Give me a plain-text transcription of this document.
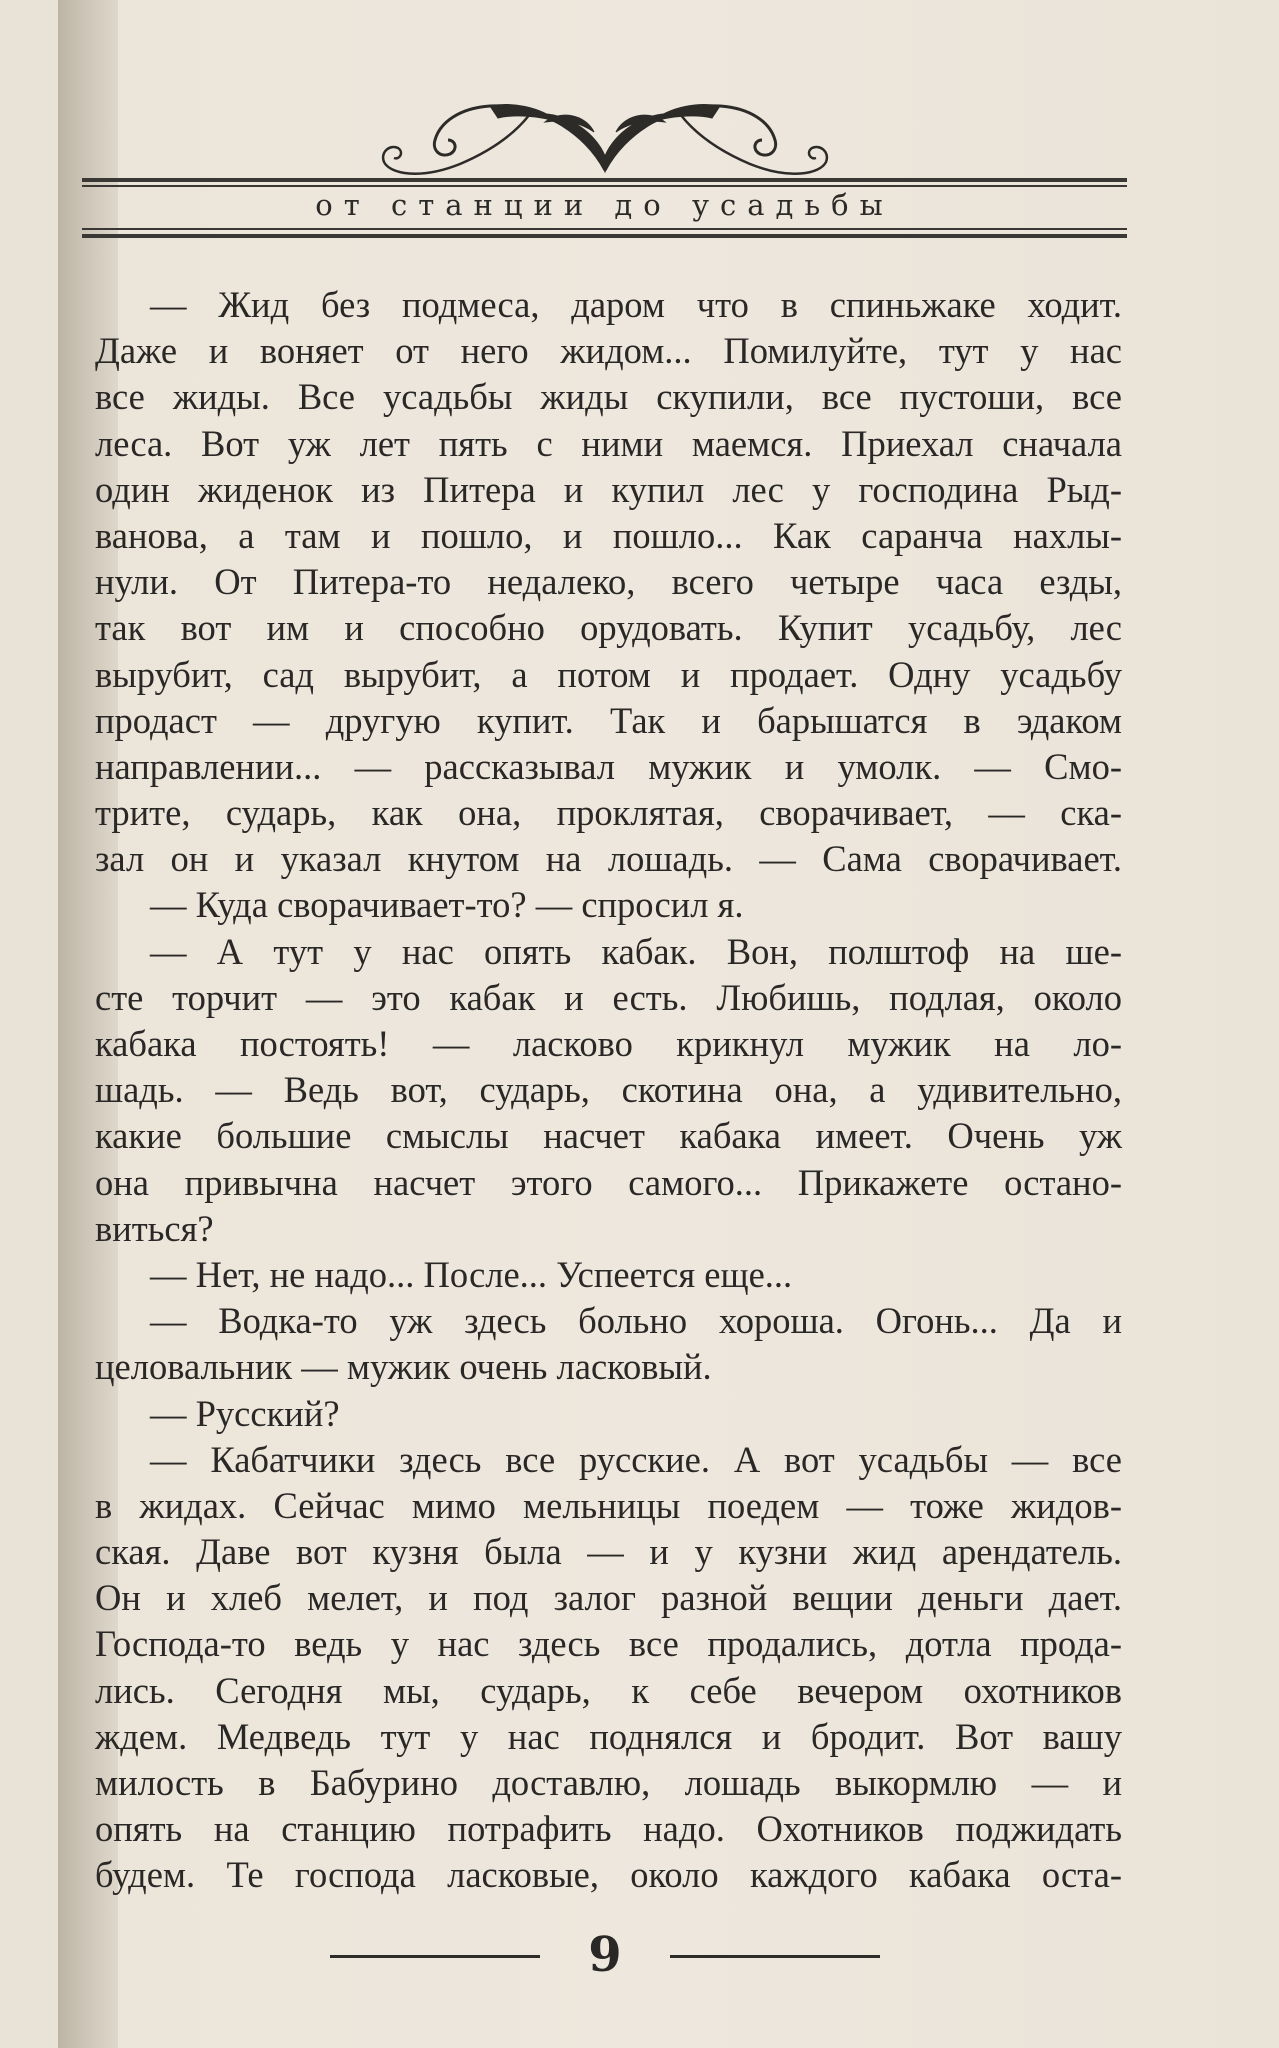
от станции до усадьбы
— Жид без подмеса, даром что в спиньжаке ходит.
Даже и воняет от него жидом... Помилуйте, тут у нас
все жиды. Все усадьбы жиды скупили, все пустоши, все
леса. Вот уж лет пять с ними маемся. Приехал сначала
один жиденок из Питера и купил лес у господина Рыд-
ванова, а там и пошло, и пошло... Как саранча нахлы-
нули. От Питера-то недалеко, всего четыре часа езды,
так вот им и способно орудовать. Купит усадьбу, лес
вырубит, сад вырубит, а потом и продает. Одну усадьбу
продаст — другую купит. Так и барышатся в эдаком
направлении... — рассказывал мужик и умолк. — Смо-
трите, сударь, как она, проклятая, сворачивает, — ска-
зал он и указал кнутом на лошадь. — Сама сворачивает.
— Куда сворачивает-то? — спросил я.
— А тут у нас опять кабак. Вон, полштоф на ше-
сте торчит — это кабак и есть. Любишь, подлая, около
кабака постоять! — ласково крикнул мужик на ло-
шадь. — Ведь вот, сударь, скотина она, а удивительно,
какие большие смыслы насчет кабака имеет. Очень уж
она привычна насчет этого самого... Прикажете остано-
виться?
— Нет, не надо... После... Успеется еще...
— Водка-то уж здесь больно хороша. Огонь... Да и
целовальник — мужик очень ласковый.
— Русский?
— Кабатчики здесь все русские. А вот усадьбы — все
в жидах. Сейчас мимо мельницы поедем — тоже жидов-
ская. Даве вот кузня была — и у кузни жид арендатель.
Он и хлеб мелет, и под залог разной вещии деньги дает.
Господа-то ведь у нас здесь все продались, дотла прода-
лись. Сегодня мы, сударь, к себе вечером охотников
ждем. Медведь тут у нас поднялся и бродит. Вот вашу
милость в Бабурино доставлю, лошадь выкормлю — и
опять на станцию потрафить надо. Охотников поджидать
будем. Те господа ласковые, около каждого кабака оста-
9
